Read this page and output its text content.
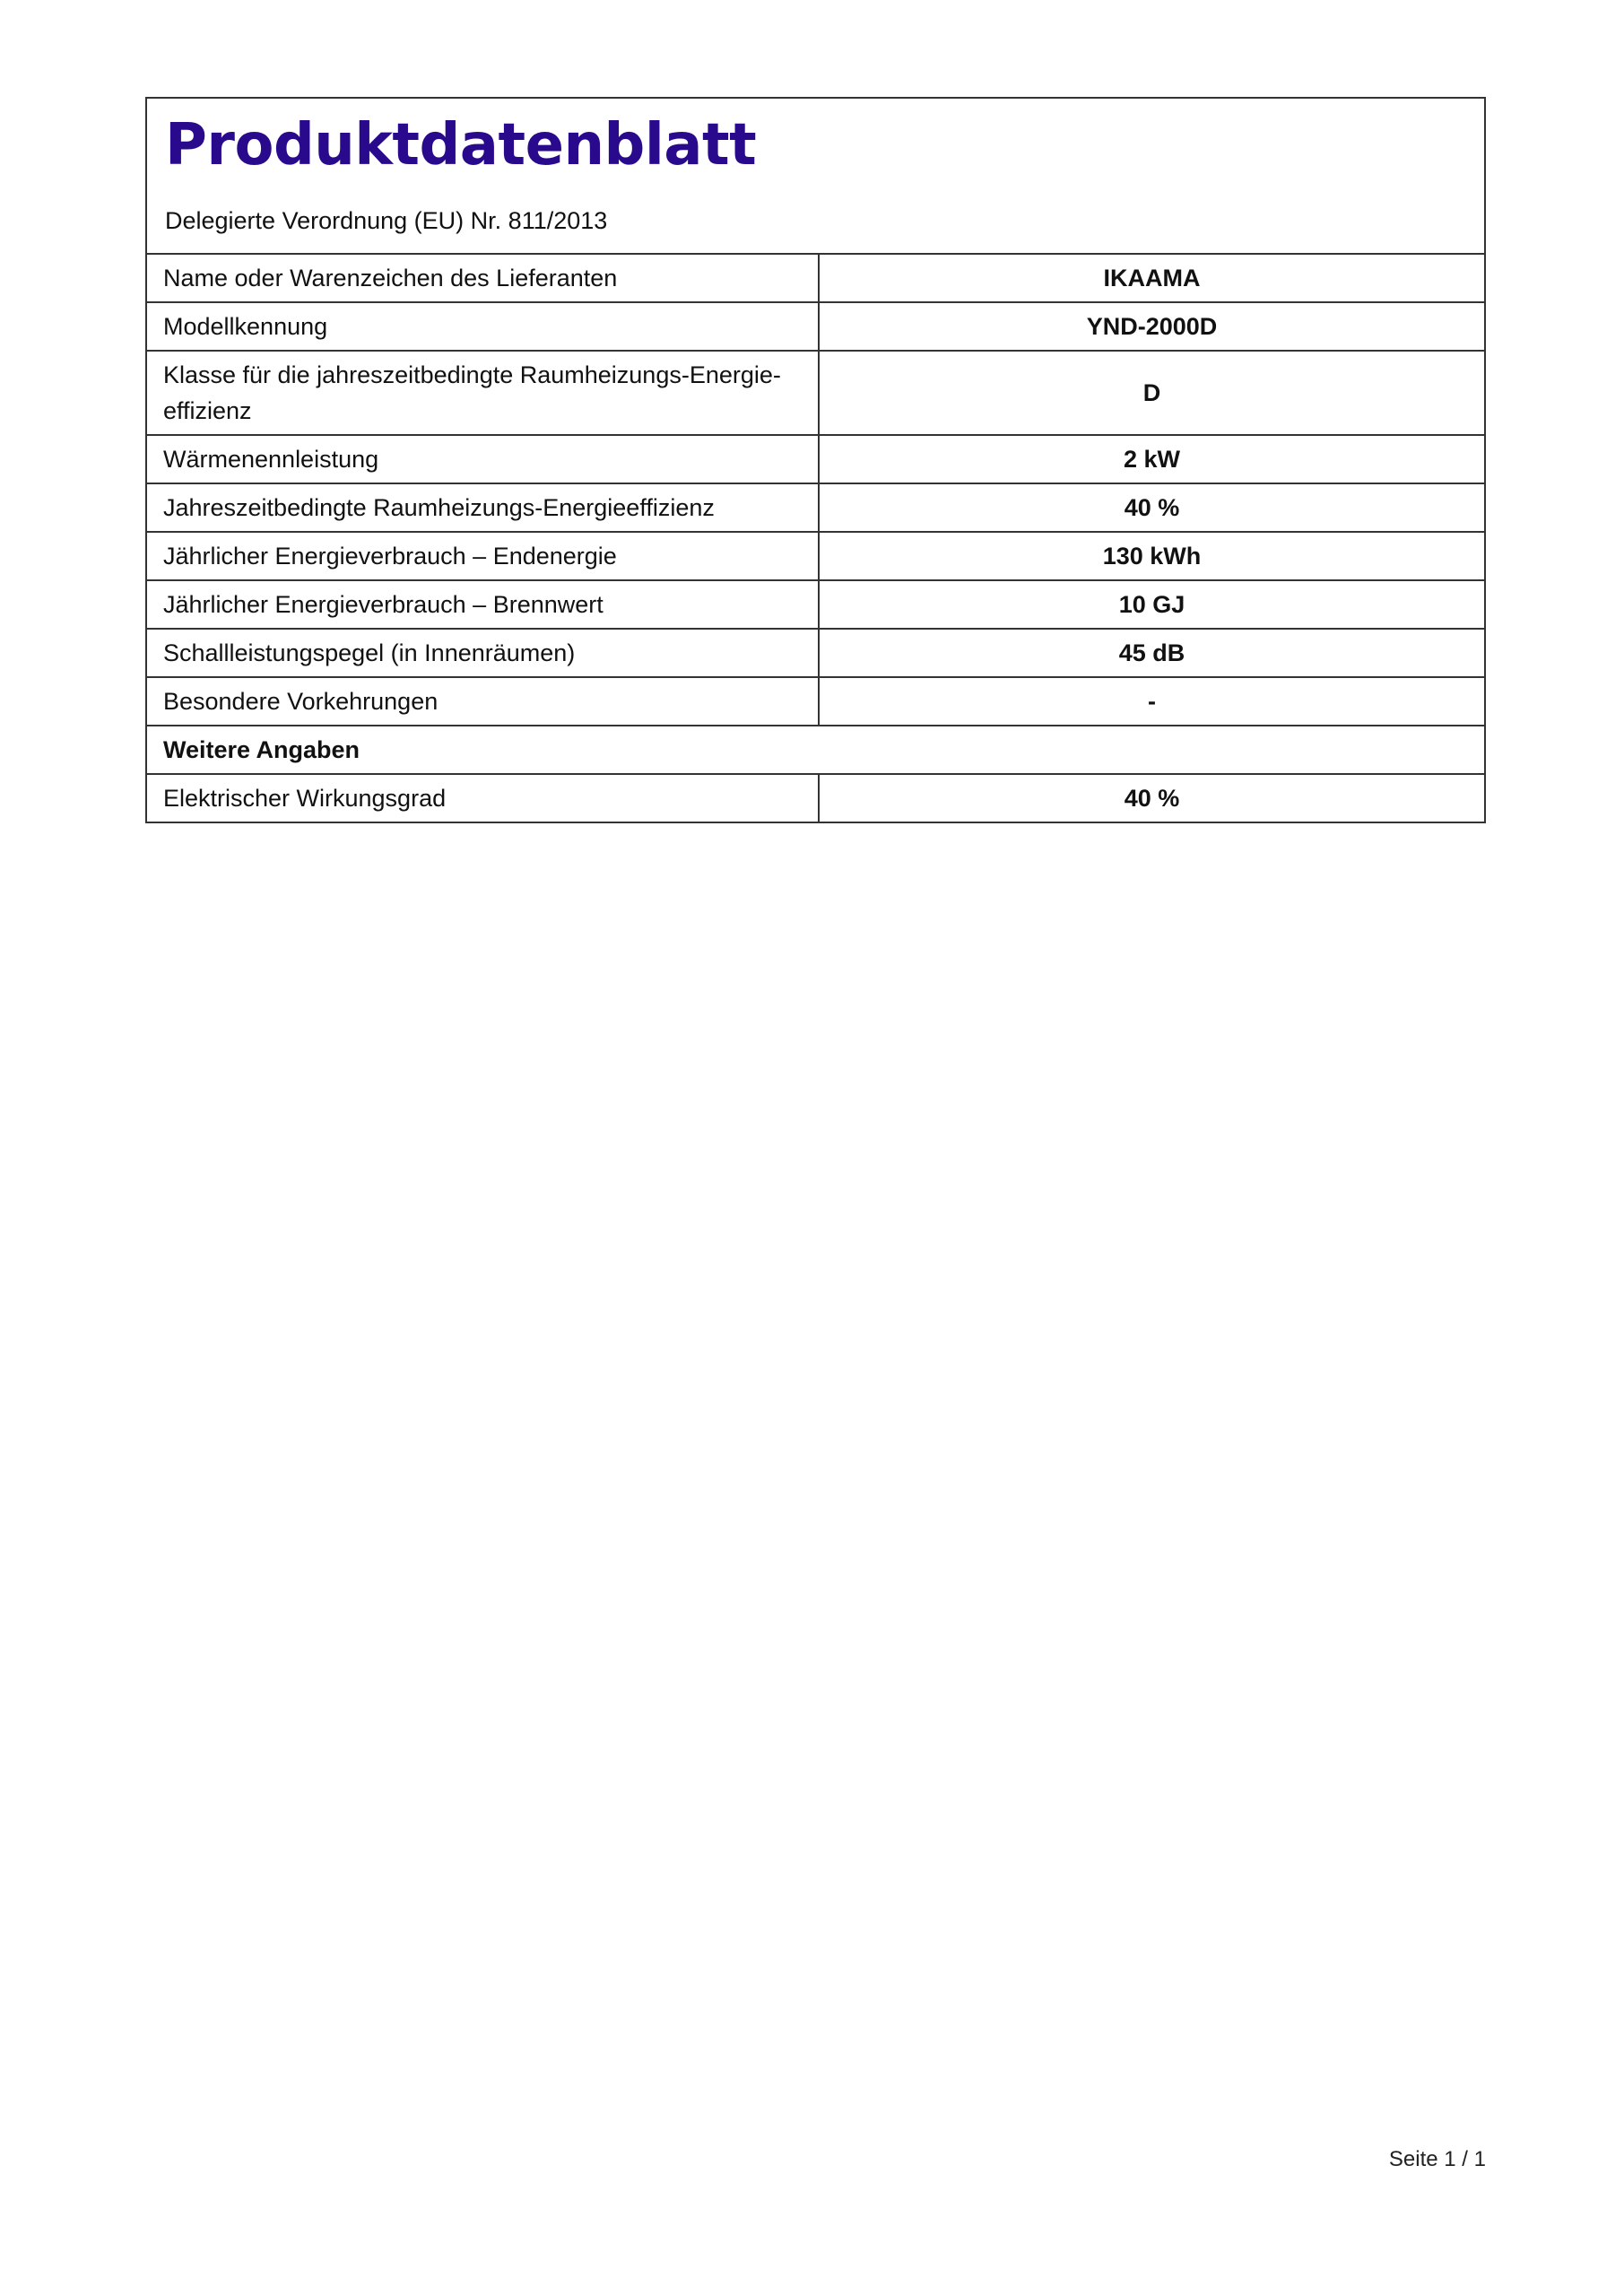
Produktdatenblatt
Delegierte Verordnung (EU) Nr. 811/2013
Name oder Warenzeichen des Lieferanten	IKAAMA
Modellkennung	YND-2000D
Klasse für die jahreszeitbedingte Raumheizungs-Energie-effizienz	D
Wärmenennleistung	2 kW
Jahreszeitbedingte Raumheizungs-Energieeffizienz	40 %
Jährlicher Energieverbrauch – Endenergie	130 kWh
Jährlicher Energieverbrauch – Brennwert	10 GJ
Schallleistungspegel (in Innenräumen)	45 dB
Besondere Vorkehrungen	-
Weitere Angaben	
Elektrischer Wirkungsgrad	40 %
Seite 1 / 1
